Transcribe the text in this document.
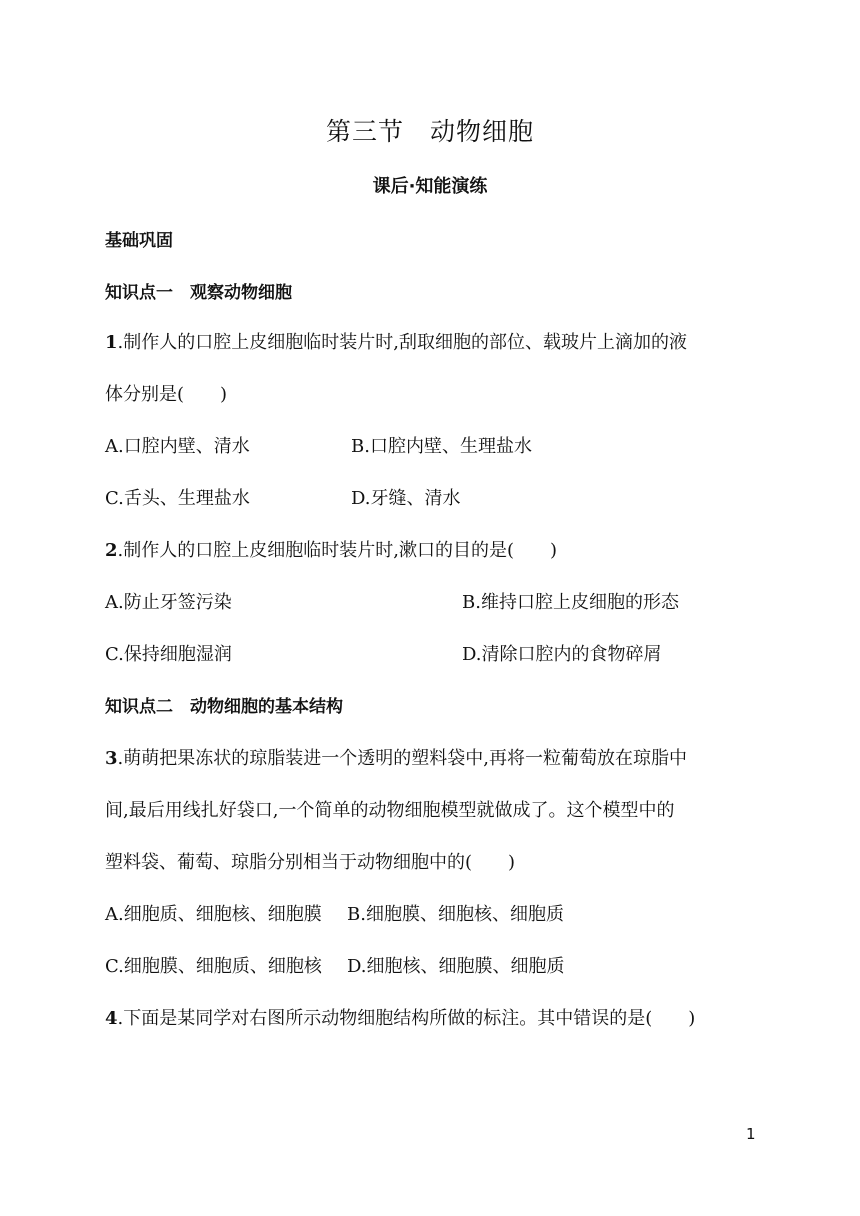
第三节　动物细胞
课后·知能演练
基础巩固
知识点一　观察动物细胞
1.制作人的口腔上皮细胞临时装片时,刮取细胞的部位、载玻片上滴加的液
体分别是(　　)
A.口腔内壁、清水	B.口腔内壁、生理盐水
C.舌头、生理盐水	D.牙缝、清水
2.制作人的口腔上皮细胞临时装片时,漱口的目的是(　　)
A.防止牙签污染	B.维持口腔上皮细胞的形态
C.保持细胞湿润	D.清除口腔内的食物碎屑
知识点二　动物细胞的基本结构
3.萌萌把果冻状的琼脂装进一个透明的塑料袋中,再将一粒葡萄放在琼脂中
间,最后用线扎好袋口,一个简单的动物细胞模型就做成了。这个模型中的
塑料袋、葡萄、琼脂分别相当于动物细胞中的(　　)
A.细胞质、细胞核、细胞膜 B.细胞膜、细胞核、细胞质
C.细胞膜、细胞质、细胞核 D.细胞核、细胞膜、细胞质
4.下面是某同学对右图所示动物细胞结构所做的标注。其中错误的是(　　)
1
